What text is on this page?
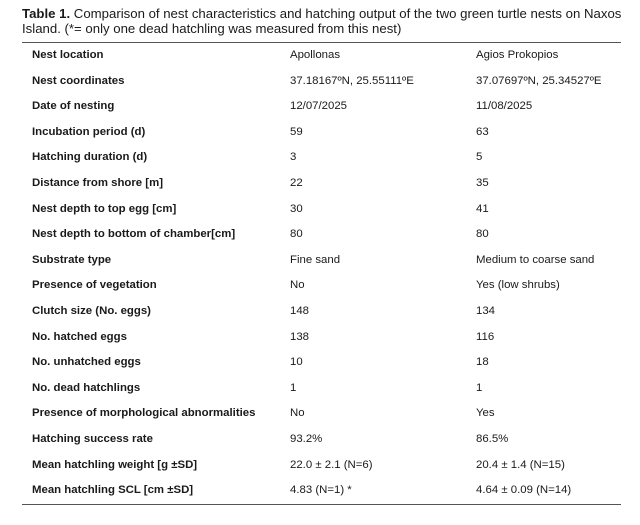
Table 1. Comparison of nest characteristics and hatching output of the two green turtle nests on Naxos Island. (*= only one dead hatchling was measured from this nest)
Nest location	Apollonas	Agios Prokopios
Nest coordinates	37.18167ºN, 25.55111ºE	37.07697ºN, 25.34527ºE
Date of nesting	12/07/2025	11/08/2025
Incubation period (d)	59	63
Hatching duration (d)	3	5
Distance from shore [m]	22	35
Nest depth to top egg [cm]	30	41
Nest depth to bottom of chamber[cm]	80	80
Substrate type	Fine sand	Medium to coarse sand
Presence of vegetation	No	Yes (low shrubs)
Clutch size (No. eggs)	148	134
No. hatched eggs	138	116
No. unhatched eggs	10	18
No. dead hatchlings	1	1
Presence of morphological abnormalities	No	Yes
Hatching success rate	93.2%	86.5%
Mean hatchling weight [g ±SD]	22.0 ± 2.1 (N=6)	20.4 ± 1.4 (N=15)
Mean hatchling SCL [cm ±SD]	4.83 (N=1) *	4.64 ± 0.09 (N=14)
